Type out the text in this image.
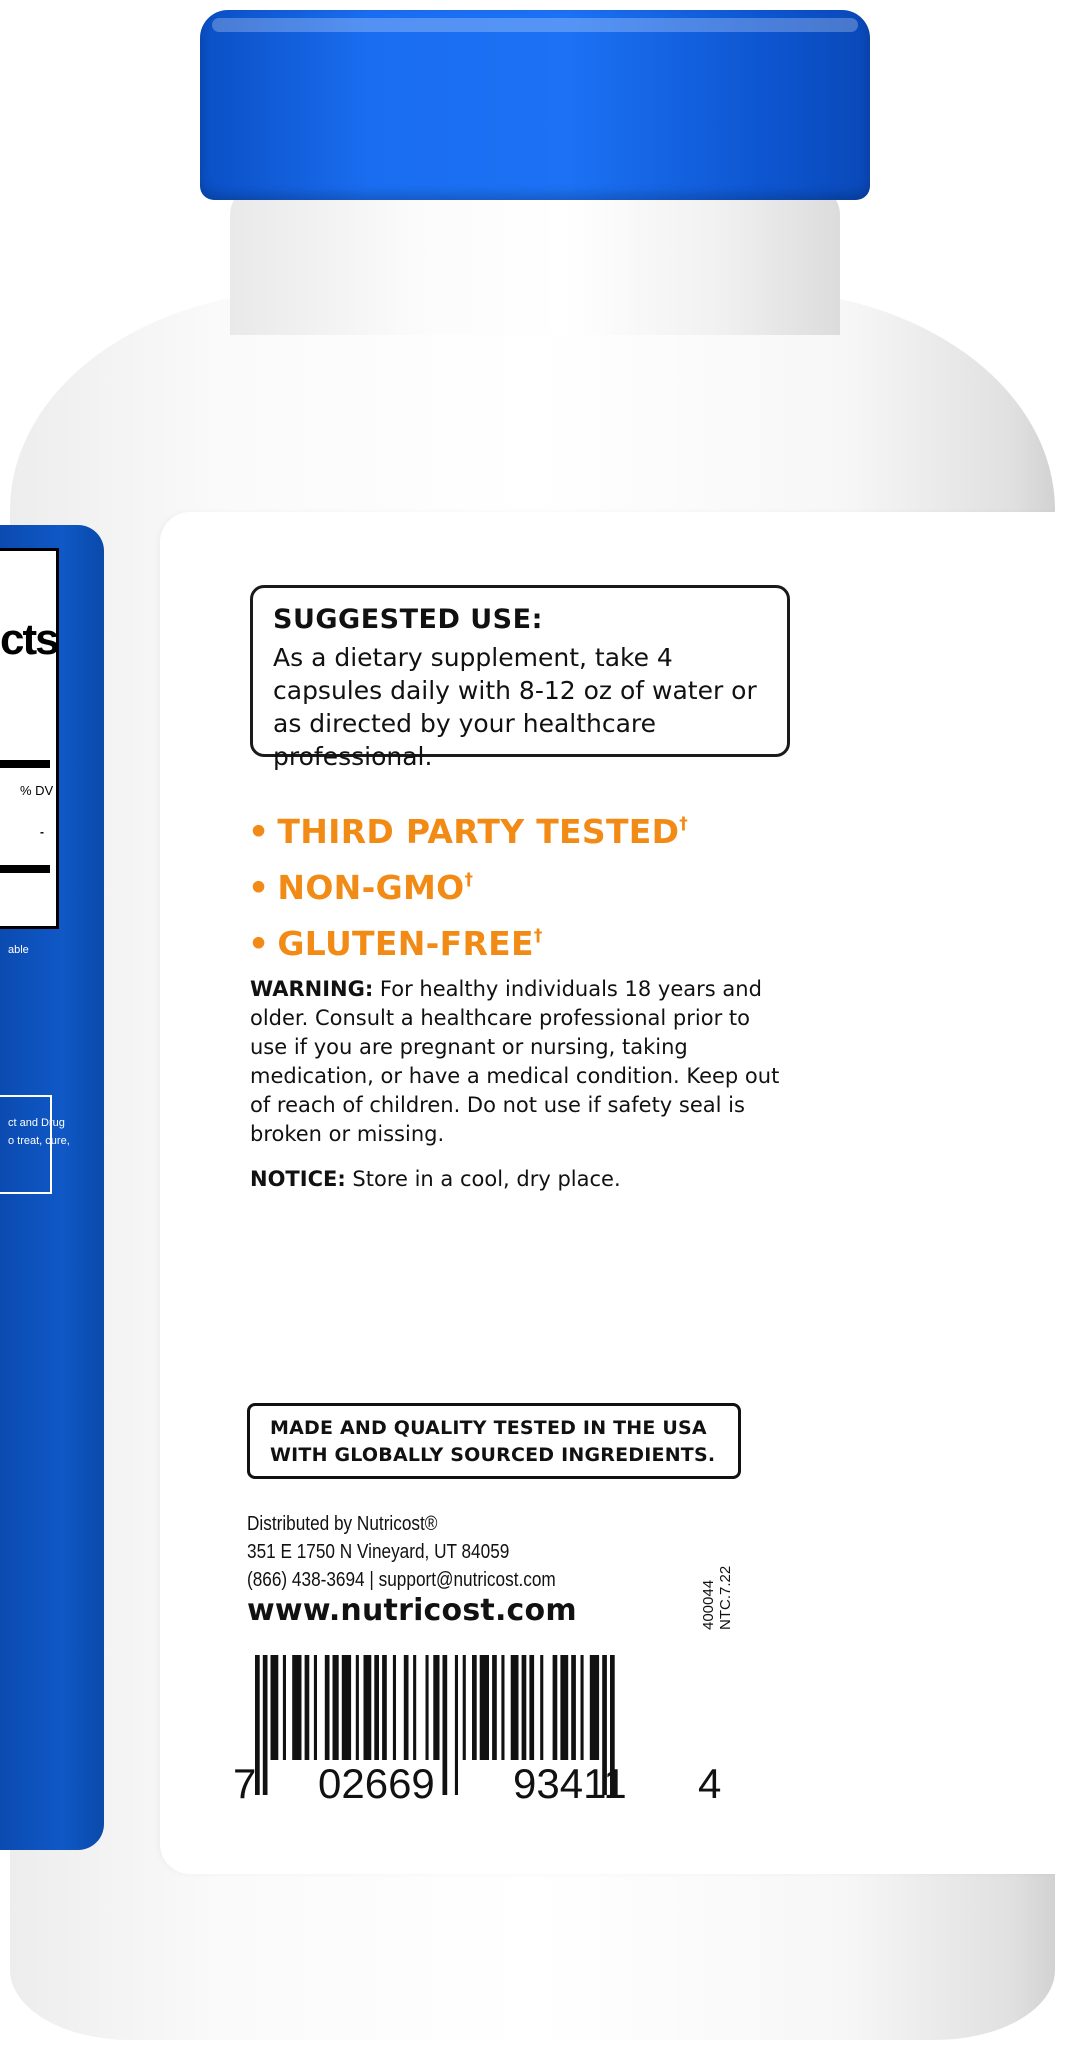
cts
% DV
-
able
ct and Drug
o treat, cure,
SUGGESTED USE:

As a dietary supplement, take 4 capsules daily with 8-12 oz of water or as directed by your healthcare professional.

• THIRD PARTY TESTED†
• NON-GMO†
• GLUTEN-FREE†
WARNING: For healthy individuals 18 years and older. Consult a healthcare professional prior to use if you are pregnant or nursing, taking medication, or have a medical condition. Keep out of reach of children. Do not use if safety seal is broken or missing.
NOTICE: Store in a cool, dry place.
MADE AND QUALITY TESTED IN THE USA
WITH GLOBALLY SOURCED INGREDIENTS.
Distributed by Nutricost®
351 E 1750 N Vineyard, UT 84059
(866) 438-3694 | support@nutricost.com
www.nutricost.com	400044 NTC.7.22
7 02669 93411 4
